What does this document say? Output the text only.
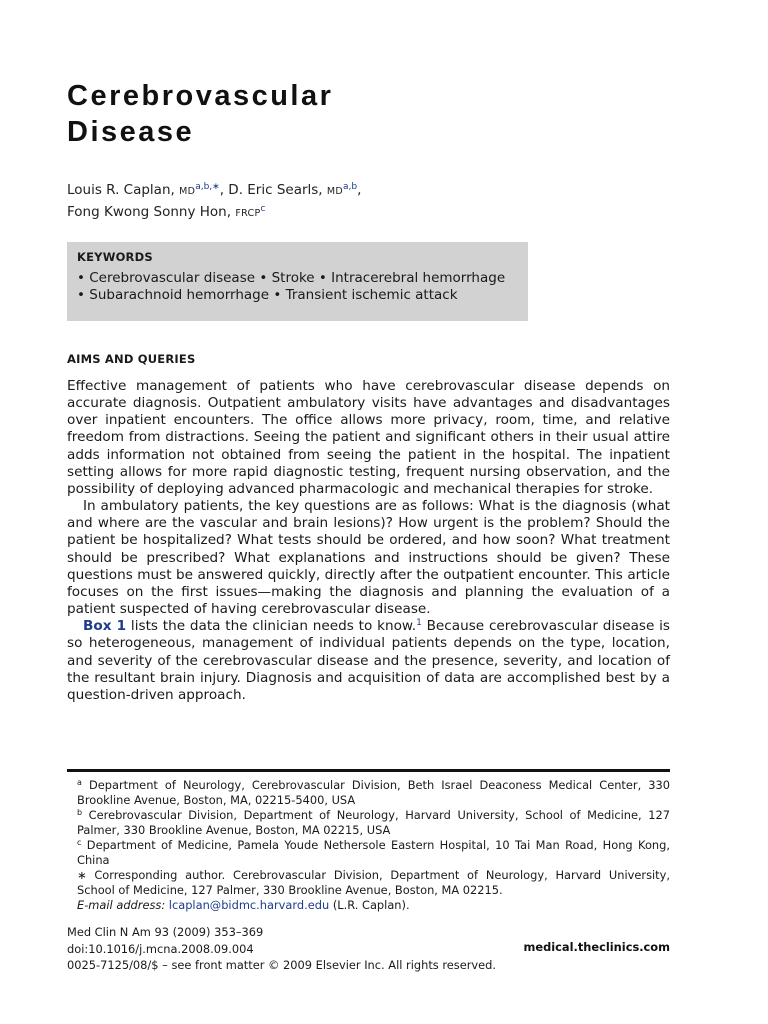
Cerebrovascular
Disease
Louis R. Caplan, $MD^{a,b,∗}$, D. Eric Searls, MD$^{a,b}$,
Fong Kwong Sonny Hon, FRCP$^c$
KEYWORDS
• Cerebrovascular disease • Stroke • Intracerebral hemorrhage
• Subarachnoid hemorrhage • Transient ischemic attack
AIMS AND QUERIES

Effective management of patients who have cerebrovascular disease depends on accurate diagnosis. Outpatient ambulatory visits have advantages and disadvantages over inpatient encounters. The office allows more privacy, room, time, and relative freedom from distractions. Seeing the patient and significant others in their usual attire adds information not obtained from seeing the patient in the hospital. The inpatient setting allows for more rapid diagnostic testing, frequent nursing observation, and the possibility of deploying advanced pharmacologic and mechanical therapies for stroke.

In ambulatory patients, the key questions are as follows: What is the diagnosis (what and where are the vascular and brain lesions)? How urgent is the problem? Should the patient be hospitalized? What tests should be ordered, and how soon? What treatment should be prescribed? What explanations and instructions should be given? These questions must be answered quickly, directly after the outpatient encounter. This article focuses on the first issues—making the diagnosis and planning the evaluation of a patient suspected of having cerebrovascular disease.

Box 1 lists the data the clinician needs to know.$^1$ Because cerebrovascular disease is so heterogeneous, management of individual patients depends on the type, location, and severity of the cerebrovascular disease and the presence, severity, and location of the resultant brain injury. Diagnosis and acquisition of data are accomplished best by a question-driven approach.

$^a$ Department of Neurology, Cerebrovascular Division, Beth Israel Deaconess Medical Center, 330 Brookline Avenue, Boston, MA, 02215-5400, USA

$^b$ Cerebrovascular Division, Department of Neurology, Harvard University, School of Medicine, 127 Palmer, 330 Brookline Avenue, Boston, MA 02215, USA

$^c$ Department of Medicine, Pamela Youde Nethersole Eastern Hospital, 10 Tai Man Road, Hong Kong, China

∗ Corresponding author. Cerebrovascular Division, Department of Neurology, Harvard University, School of Medicine, 127 Palmer, 330 Brookline Avenue, Boston, MA 02215.

E-mail address: lcaplan@bidmc.harvard.edu (L.R. Caplan).

Med Clin N Am 93 (2009) 353–369
doi:10.1016/j.mcna.2008.09.004
0025-7125/08/$ – see front matter © 2009 Elsevier Inc. All rights reserved.
medical.theclinics.com
